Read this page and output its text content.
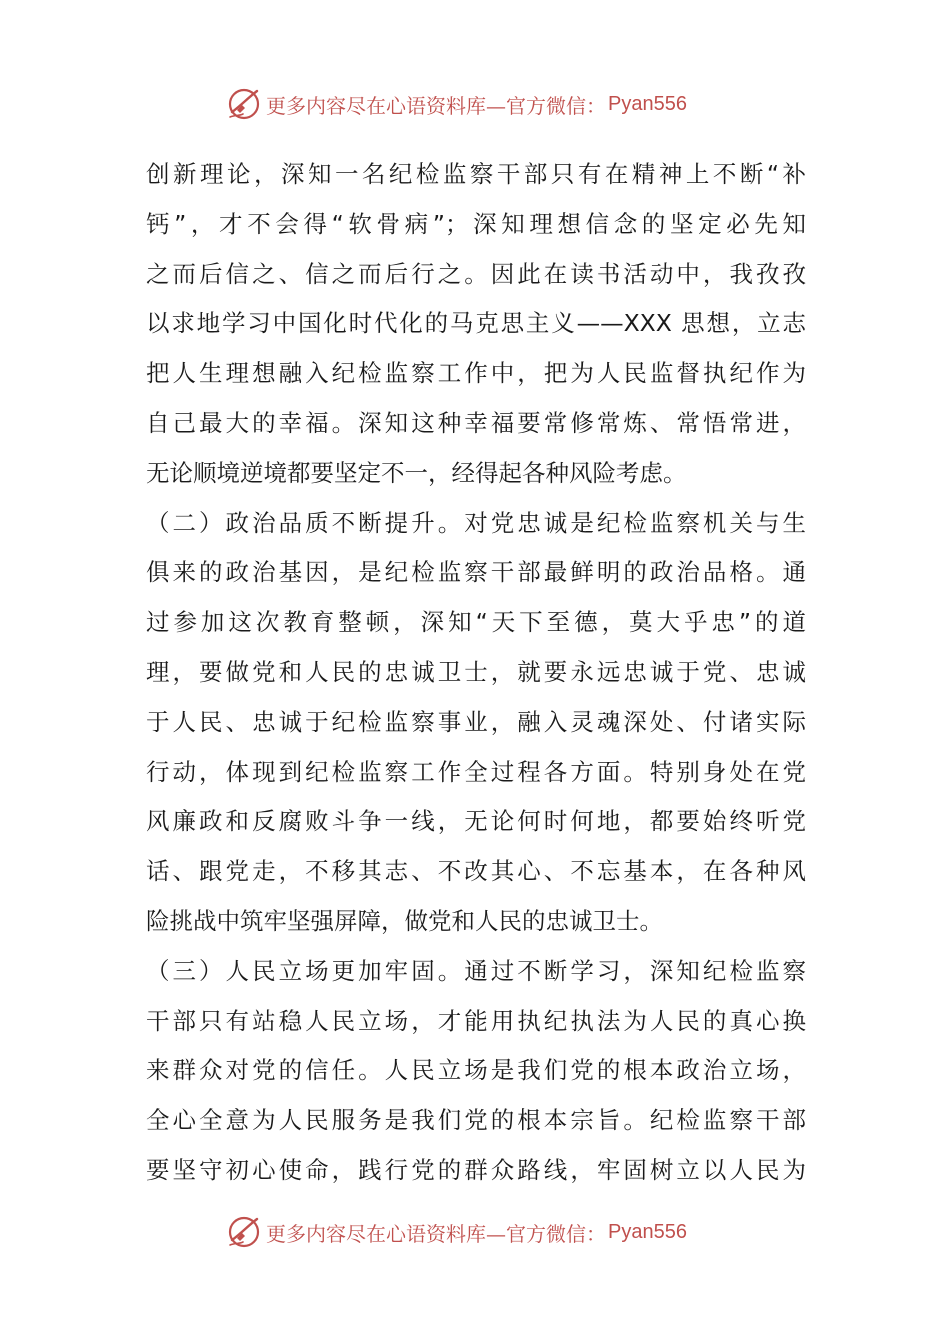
更多内容尽在心语资料库—官方微信： Pyan556
创新理论，深知一名纪检监察干部只有在精神上不断“补
钙”，才不会得“软骨病”；深知理想信念的坚定必先知
之而后信之、信之而后行之。因此在读书活动中，我孜孜
以求地学习中国化时代化的马克思主义——XXX 思想，立志
把人生理想融入纪检监察工作中，把为人民监督执纪作为
自己最大的幸福。深知这种幸福要常修常炼、常悟常进，
无论顺境逆境都要坚定不一，经得起各种风险考虑。
（二）政治品质不断提升。对党忠诚是纪检监察机关与生
俱来的政治基因，是纪检监察干部最鲜明的政治品格。通
过参加这次教育整顿，深知“天下至德，莫大乎忠”的道
理，要做党和人民的忠诚卫士，就要永远忠诚于党、忠诚
于人民、忠诚于纪检监察事业，融入灵魂深处、付诸实际
行动，体现到纪检监察工作全过程各方面。特别身处在党
风廉政和反腐败斗争一线，无论何时何地，都要始终听党
话、跟党走，不移其志、不改其心、不忘基本，在各种风
险挑战中筑牢坚强屏障，做党和人民的忠诚卫士。
（三）人民立场更加牢固。通过不断学习，深知纪检监察
干部只有站稳人民立场，才能用执纪执法为人民的真心换
来群众对党的信任。人民立场是我们党的根本政治立场，
全心全意为人民服务是我们党的根本宗旨。纪检监察干部
要坚守初心使命，践行党的群众路线，牢固树立以人民为
更多内容尽在心语资料库—官方微信： Pyan556
